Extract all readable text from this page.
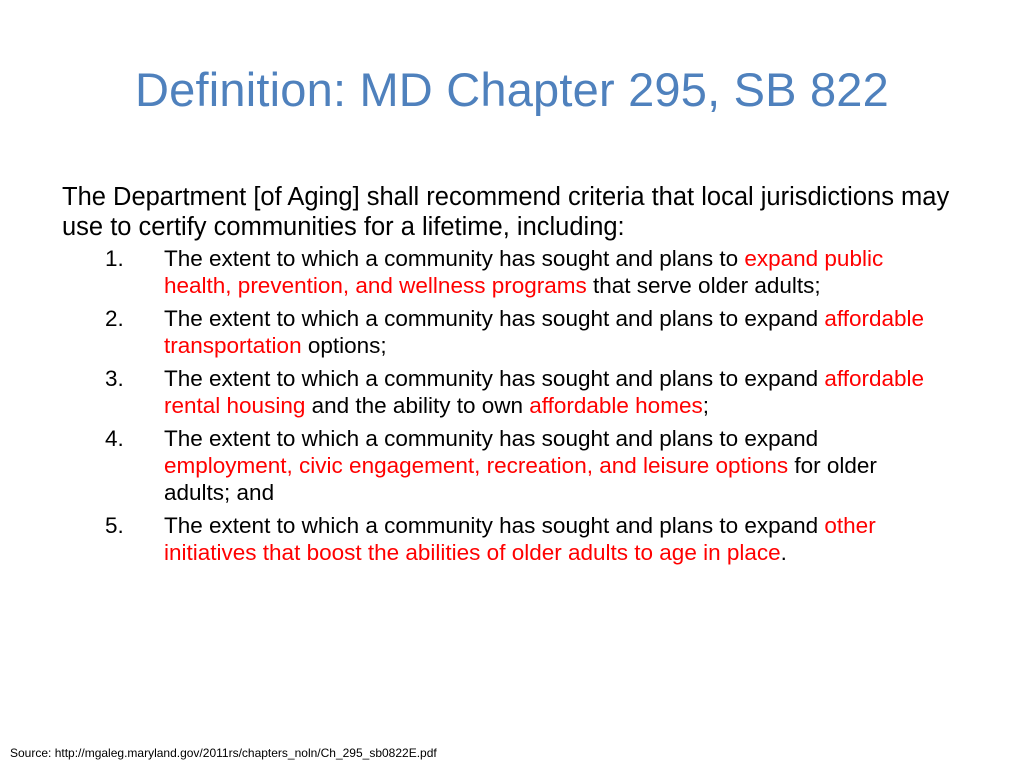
Definition: MD Chapter 295, SB 822

The Department [of Aging] shall recommend criteria that local jurisdictions may use to certify communities for a lifetime, including:

1. The extent to which a community has sought and plans to expand public health, prevention, and wellness programs that serve older adults;
2. The extent to which a community has sought and plans to expand affordable transportation options;
3. The extent to which a community has sought and plans to expand affordable rental housing and the ability to own affordable homes;
4. The extent to which a community has sought and plans to expand employment, civic engagement, recreation, and leisure options for older adults; and
5. The extent to which a community has sought and plans to expand other initiatives that boost the abilities of older adults to age in place.
Source: http://mgaleg.maryland.gov/2011rs/chapters_noln/Ch_295_sb0822E.pdf
